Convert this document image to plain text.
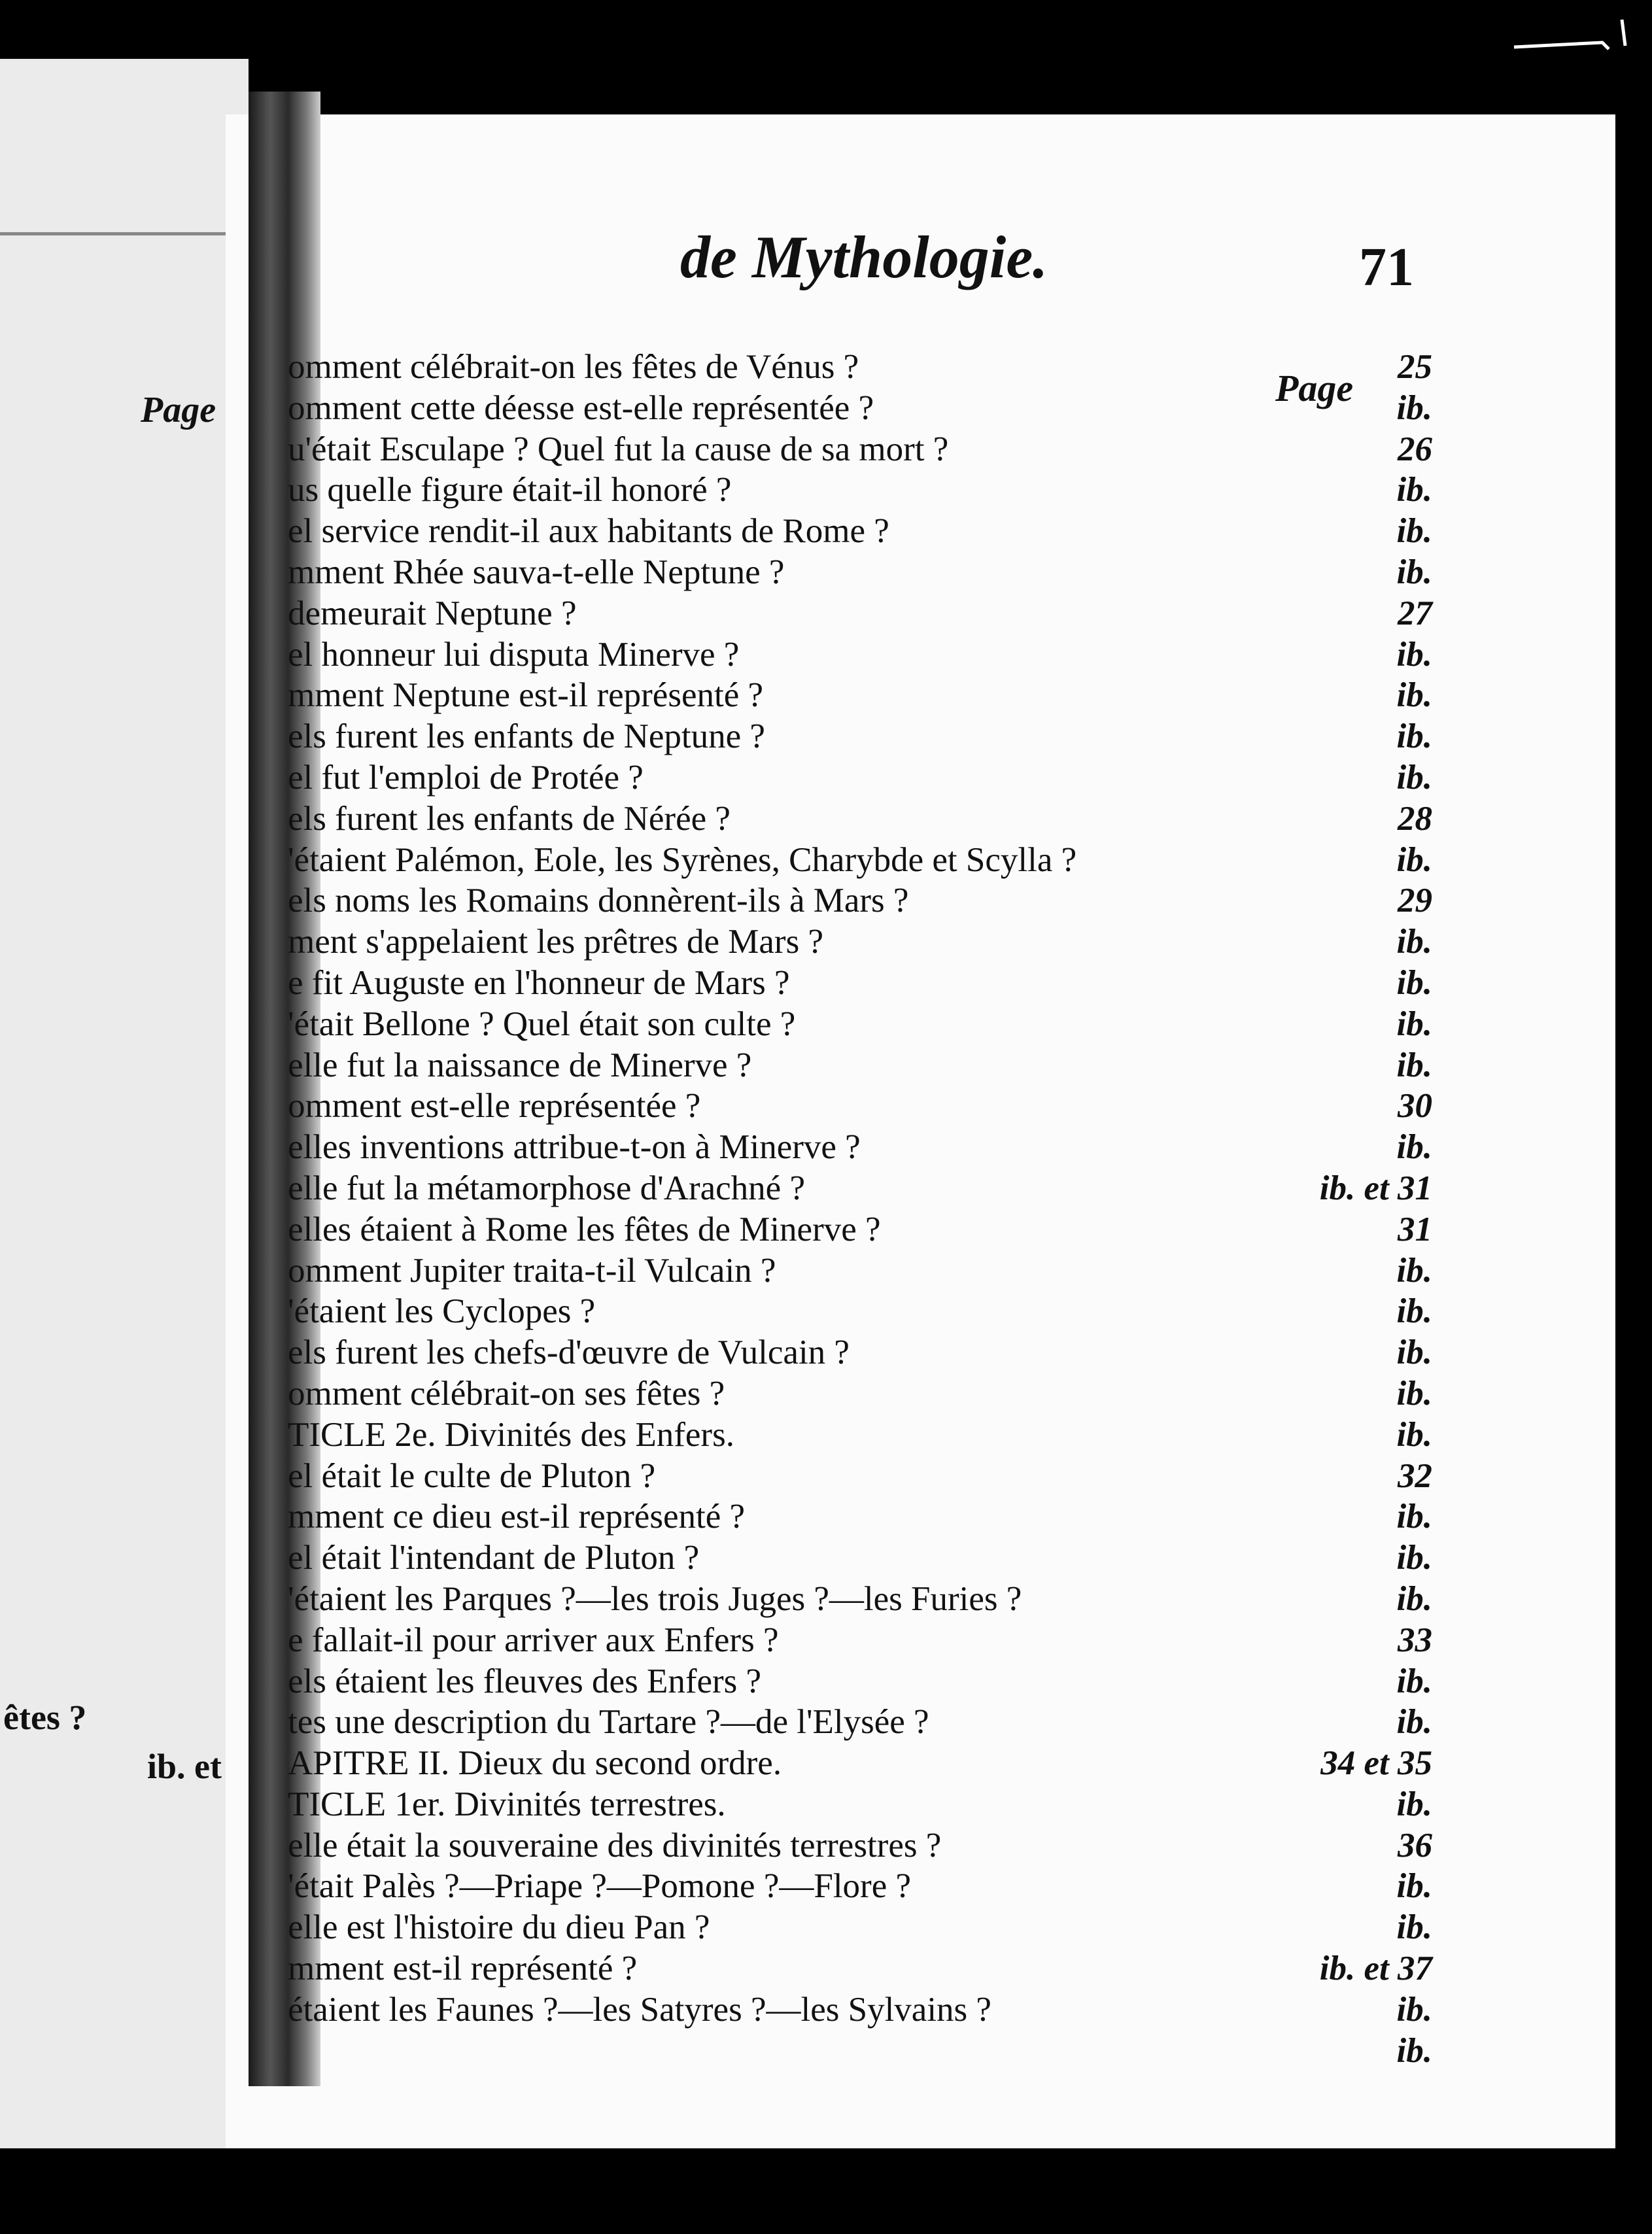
Page
êtes ?
ib. et
de Mythologie.	71
Page
omment célébrait-on les fêtes de Vénus ?	25
omment cette déesse est-elle représentée ?	ib.
u'était Esculape ? Quel fut la cause de sa mort ?	26
us quelle figure était-il honoré ?	ib.
el service rendit-il aux habitants de Rome ?	ib.
mment Rhée sauva-t-elle Neptune ?	ib.
demeurait Neptune ?	27
el honneur lui disputa Minerve ?	ib.
mment Neptune est-il représenté ?	ib.
els furent les enfants de Neptune ?	ib.
el fut l'emploi de Protée ?	ib.
els furent les enfants de Nérée ?	28
'étaient Palémon, Eole, les Syrènes, Charybde et Scylla ?	ib.
els noms les Romains donnèrent-ils à Mars ?	29
ment s'appelaient les prêtres de Mars ?	ib.
e fit Auguste en l'honneur de Mars ?	ib.
'était Bellone ? Quel était son culte ?	ib.
elle fut la naissance de Minerve ?	ib.
omment est-elle représentée ?	30
elles inventions attribue-t-on à Minerve ?	ib.
elle fut la métamorphose d'Arachné ?	ib. et 31
elles étaient à Rome les fêtes de Minerve ?	31
omment Jupiter traita-t-il Vulcain ?	ib.
'étaient les Cyclopes ?	ib.
els furent les chefs-d'œuvre de Vulcain ?	ib.
omment célébrait-on ses fêtes ?	ib.
TICLE 2e. Divinités des Enfers.	ib.
el était le culte de Pluton ?	32
mment ce dieu est-il représenté ?	ib.
el était l'intendant de Pluton ?	ib.
'étaient les Parques ?—les trois Juges ?—les Furies ?	ib.
e fallait-il pour arriver aux Enfers ?	33
els étaient les fleuves des Enfers ?	ib.
tes une description du Tartare ?—de l'Elysée ?	ib.
APITRE II. Dieux du second ordre.	34 et 35
TICLE 1er. Divinités terrestres.	ib.
elle était la souveraine des divinités terrestres ?	36
'était Palès ?—Priape ?—Pomone ?—Flore ?	ib.
elle est l'histoire du dieu Pan ?	ib.
mment est-il représenté ?	ib. et 37
étaient les Faunes ?—les Satyres ?—les Sylvains ?	ib.
ib.
